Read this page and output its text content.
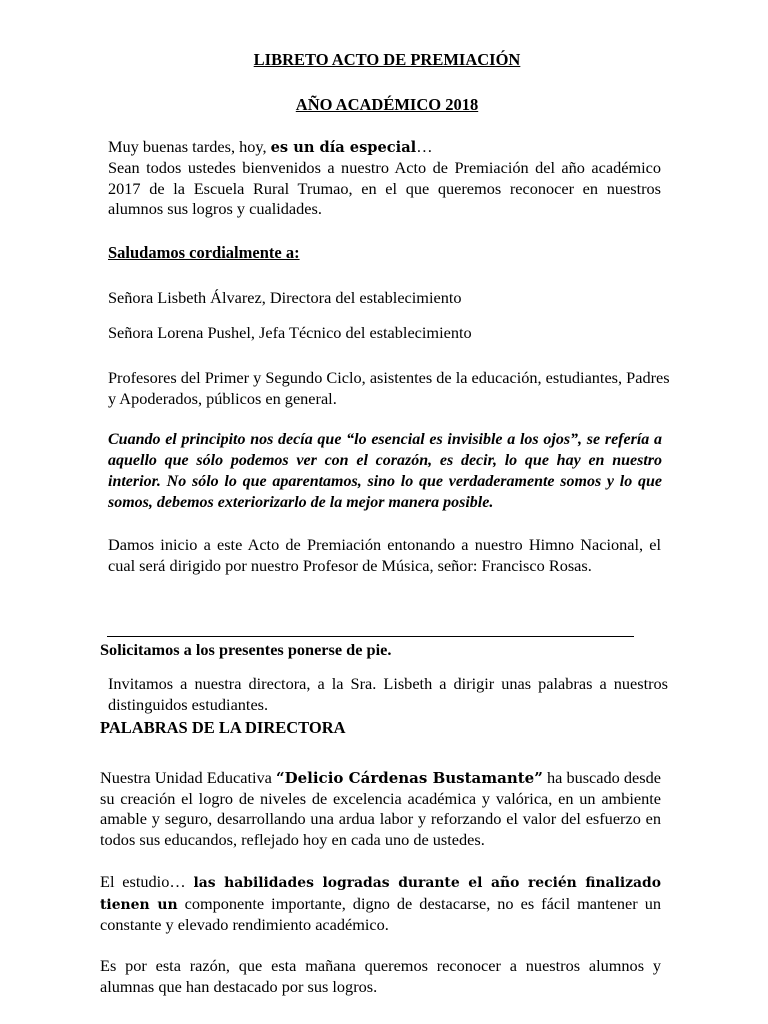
LIBRETO ACTO DE PREMIACIÓN

AÑO ACADÉMICO 2018

Muy buenas tardes, hoy, es un día especial…

Sean todos ustedes bienvenidos a nuestro Acto de Premiación del año académico 2017 de la Escuela Rural Trumao, en el que queremos reconocer en nuestros alumnos sus logros y cualidades.

Saludamos cordialmente a:

Señora Lisbeth Álvarez, Directora del establecimiento

Señora Lorena Pushel, Jefa Técnico del establecimiento

Profesores del Primer y Segundo Ciclo, asistentes de la educación, estudiantes, Padres y Apoderados, públicos en general.

Cuando el principito nos decía que “lo esencial es invisible a los ojos”, se refería a aquello que sólo podemos ver con el corazón, es decir, lo que hay en nuestro interior. No sólo lo que aparentamos, sino lo que verdaderamente somos y lo que somos, debemos exteriorizarlo de la mejor manera posible.

Damos inicio a este Acto de Premiación entonando a nuestro Himno Nacional, el cual será dirigido por nuestro Profesor de Música, señor: Francisco Rosas.

Solicitamos a los presentes ponerse de pie.

Invitamos a nuestra directora, a la Sra. Lisbeth a dirigir unas palabras a nuestros distinguidos estudiantes.

PALABRAS DE LA DIRECTORA

Nuestra Unidad Educativa “Delicio Cárdenas Bustamante” ha buscado desde su creación el logro de niveles de excelencia académica y valórica, en un ambiente amable y seguro, desarrollando una ardua labor y reforzando el valor del esfuerzo en todos sus educandos, reflejado hoy en cada uno de ustedes.

El estudio… las habilidades logradas durante el año recién finalizado tienen un componente importante, digno de destacarse, no es fácil mantener un constante y elevado rendimiento académico.

Es por esta razón, que esta mañana queremos reconocer a nuestros alumnos y alumnas que han destacado por sus logros.
